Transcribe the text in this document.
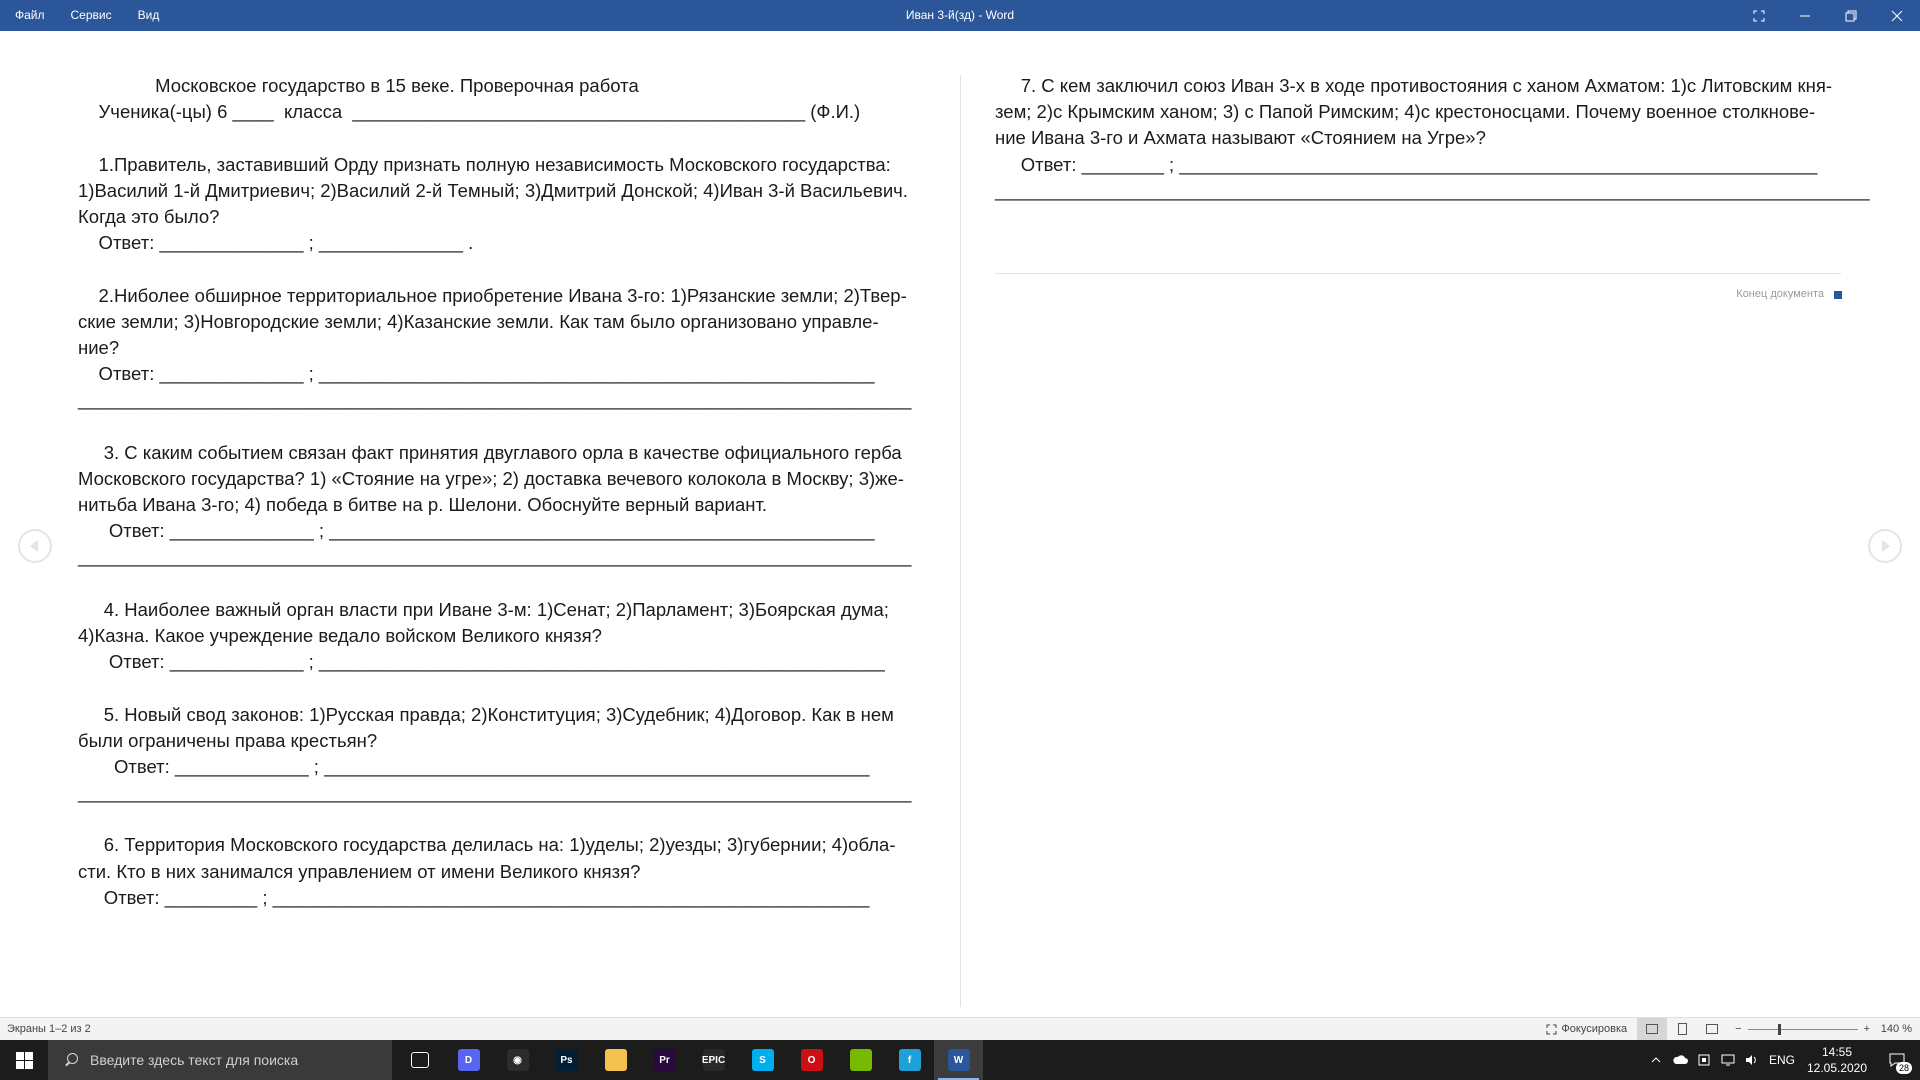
Файл	Сервис	Вид	Иван 3-й(зд) - Word
Московское государство в 15 веке. Проверочная работа
Ученика(-цы) 6 ____  класса  ____________________________________________ (Ф.И.)
1.Правитель, заставивший Орду признать полную независимость Московского государства:
1)Василий 1-й Дмитриевич; 2)Василий 2-й Темный; 3)Дмитрий Донской; 4)Иван 3-й Васильевич.
Когда это было?
Ответ: ______________ ; ______________ .
2.Ниболее обширное территориальное приобретение Ивана 3-го: 1)Рязанские земли; 2)Твер-
ские земли; 3)Новгородские земли; 4)Казанские земли. Как там было организовано управле-
ние?
Ответ: ______________ ; ______________________________________________________
_________________________________________________________________________________
3. С каким событием связан факт принятия двуглавого орла в качестве официального герба
Московского государства? 1) «Стояние на угре»; 2) доставка вечевого колокола в Москву; 3)же-
нитьба Ивана 3-го; 4) победа в битве на р. Шелони. Обоснуйте верный вариант.
Ответ: ______________ ; _____________________________________________________
_________________________________________________________________________________
4. Наиболее важный орган власти при Иване 3-м: 1)Сенат; 2)Парламент; 3)Боярская дума;
4)Казна. Какое учреждение ведало войском Великого князя?
Ответ: _____________ ; _______________________________________________________
5. Новый свод законов: 1)Русская правда; 2)Конституция; 3)Судебник; 4)Договор. Как в нем
были ограничены права крестьян?
Ответ: _____________ ; _____________________________________________________
_________________________________________________________________________________
6. Территория Московского государства делилась на: 1)уделы; 2)уезды; 3)губернии; 4)обла-
сти. Кто в них занимался управлением от имени Великого князя?
Ответ: _________ ; __________________________________________________________
7. С кем заключил союз Иван 3-х в ходе противостояния с ханом Ахматом: 1)с Литовским кня-
зем; 2)с Крымским ханом; 3) с Папой Римским; 4)с крестоносцами. Почему военное столкнове-
ние Ивана 3-го и Ахмата называют «Стоянием на Угре»?
Ответ: ________ ; ______________________________________________________________
_____________________________________________________________________________________
Конец документа
Экраны 1–2 из 2	Фокусировка	−	+ 140 %
Введите здесь текст для поиска	D	◉	Ps	Pr	EPIC	S	O	f	W	ENG
14:55
12.05.2020	28
